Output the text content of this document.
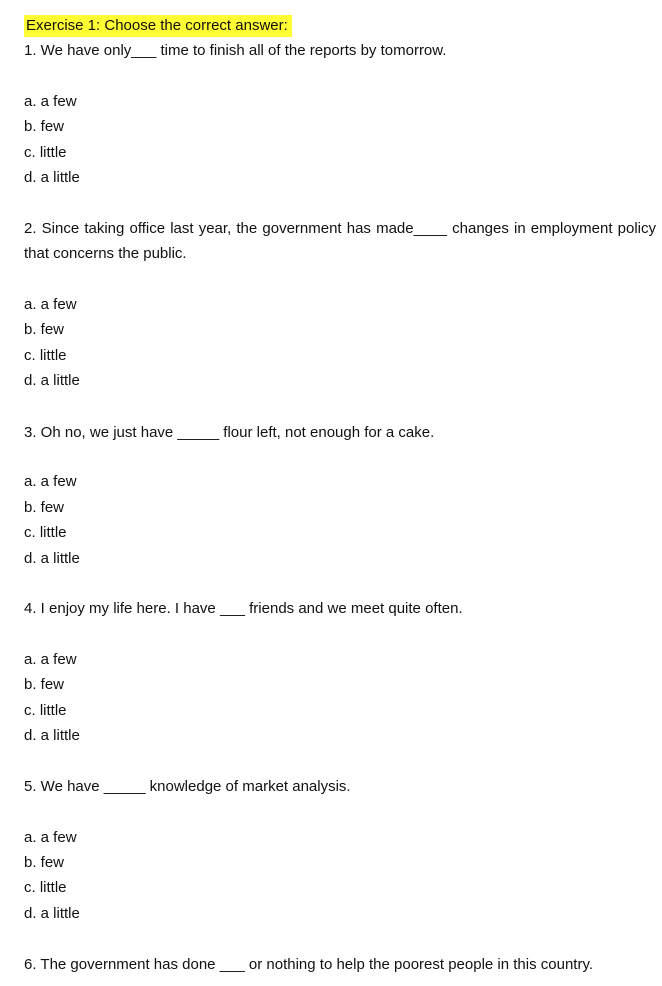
Exercise 1: Choose the correct answer:
1. We have only___ time to finish all of the reports by tomorrow.
a. a few
b. few
c. little
d. a little
2. Since taking office last year, the government has made____ changes in employment policy that concerns the public.
a. a few
b. few
c. little
d. a little
3. Oh no, we just have _____ flour left, not enough for a cake.
a. a few
b. few
c. little
d. a little
4. I enjoy my life here. I have ___ friends and we meet quite often.
a. a few
b. few
c. little
d. a little
5. We have _____ knowledge of market analysis.
a. a few
b. few
c. little
d. a little
6. The government has done ___ or nothing to help the poorest people in this country.
